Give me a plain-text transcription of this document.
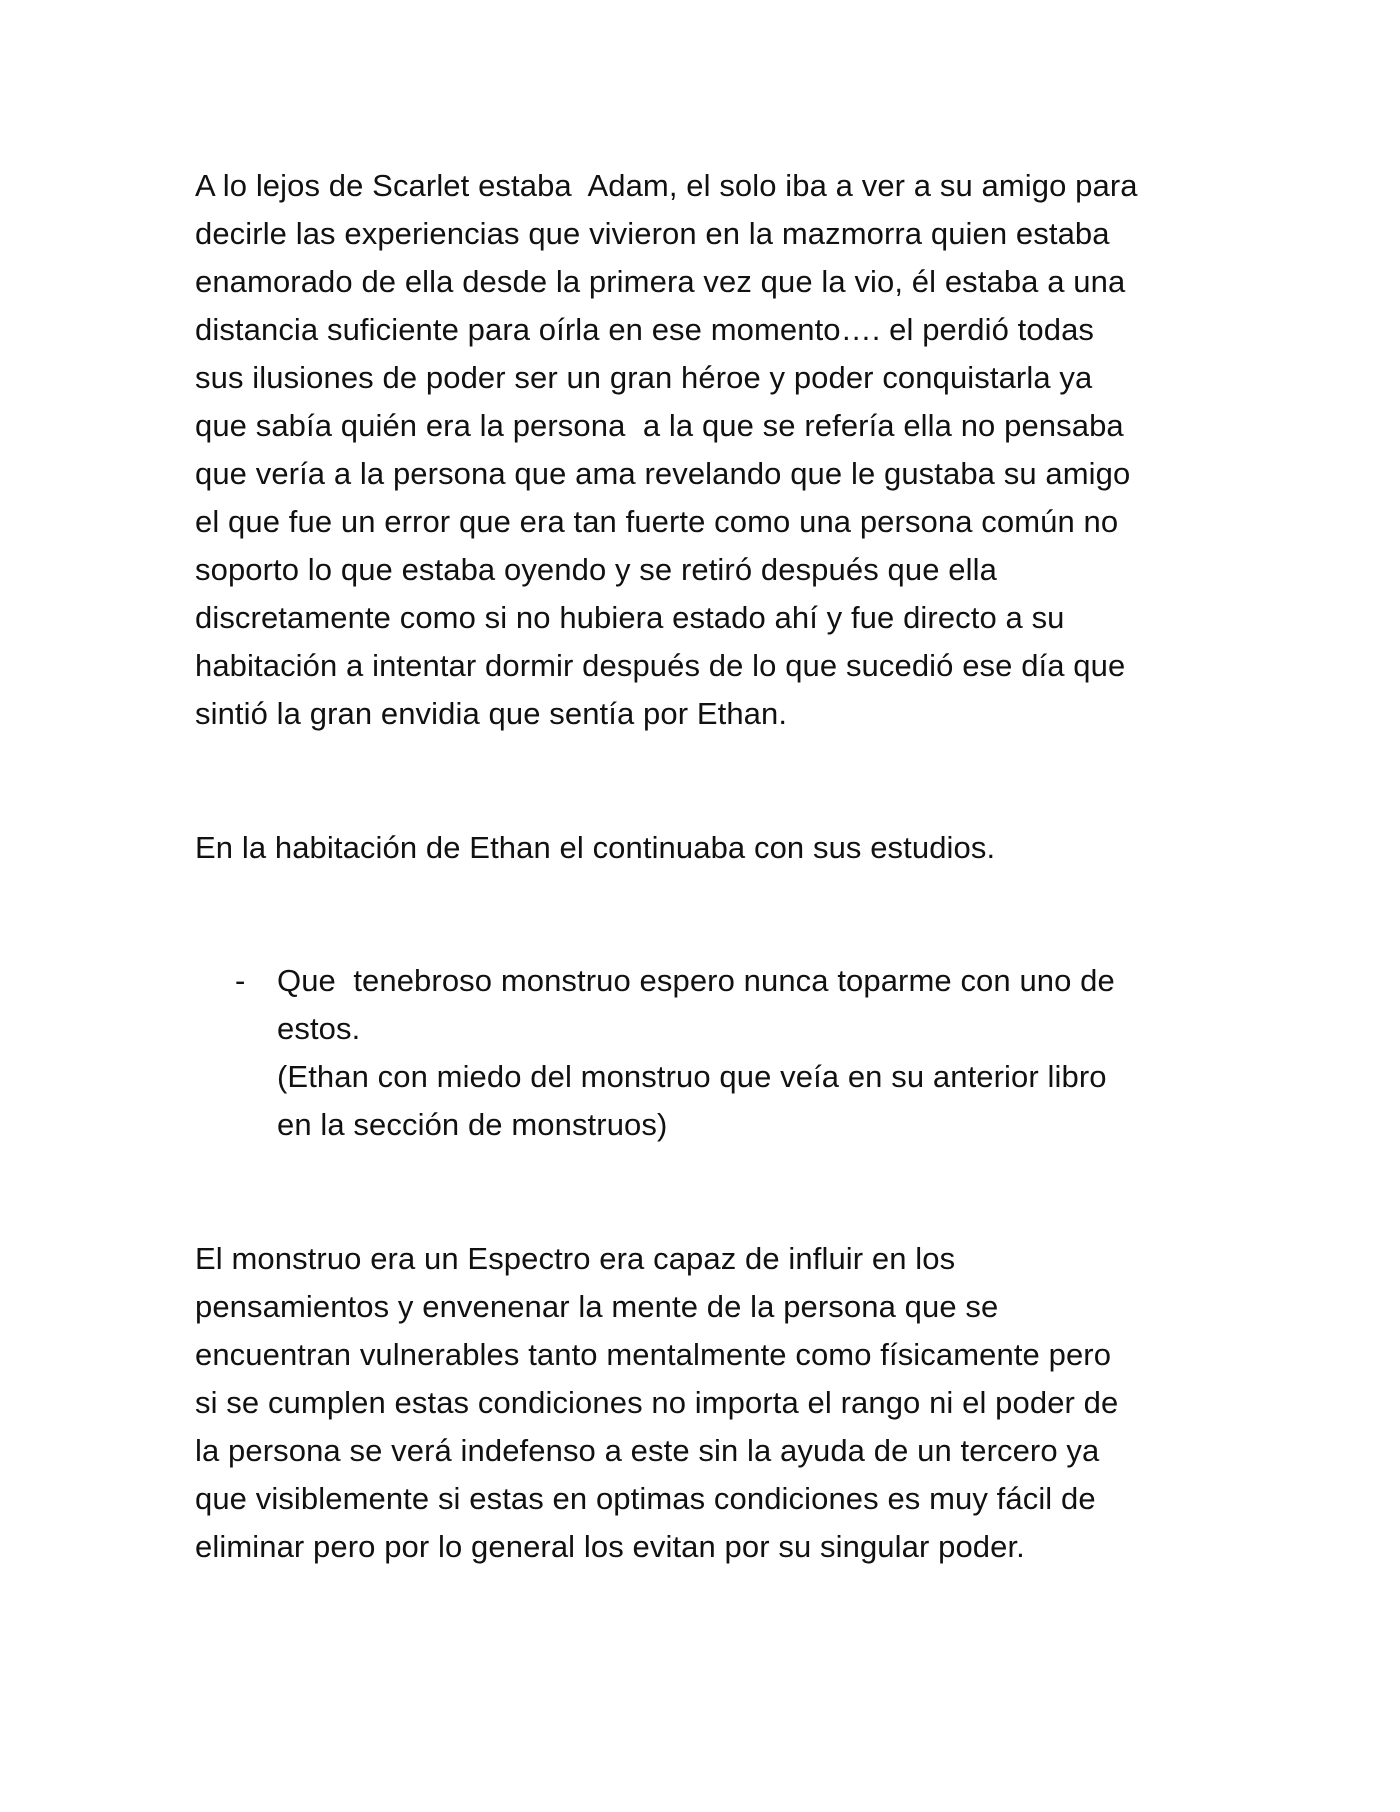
A lo lejos de Scarlet estaba  Adam, el solo iba a ver a su amigo para
decirle las experiencias que vivieron en la mazmorra quien estaba
enamorado de ella desde la primera vez que la vio, él estaba a una
distancia suficiente para oírla en ese momento…. el perdió todas
sus ilusiones de poder ser un gran héroe y poder conquistarla ya
que sabía quién era la persona  a la que se refería ella no pensaba
que vería a la persona que ama revelando que le gustaba su amigo
el que fue un error que era tan fuerte como una persona común no
soporto lo que estaba oyendo y se retiró después que ella
discretamente como si no hubiera estado ahí y fue directo a su
habitación a intentar dormir después de lo que sucedió ese día que
sintió la gran envidia que sentía por Ethan.
En la habitación de Ethan el continuaba con sus estudios.
- Que  tenebroso monstruo espero nunca toparme con uno de
estos.
(Ethan con miedo del monstruo que veía en su anterior libro
en la sección de monstruos)
El monstruo era un Espectro era capaz de influir en los
pensamientos y envenenar la mente de la persona que se
encuentran vulnerables tanto mentalmente como físicamente pero
si se cumplen estas condiciones no importa el rango ni el poder de
la persona se verá indefenso a este sin la ayuda de un tercero ya
que visiblemente si estas en optimas condiciones es muy fácil de
eliminar pero por lo general los evitan por su singular poder.
